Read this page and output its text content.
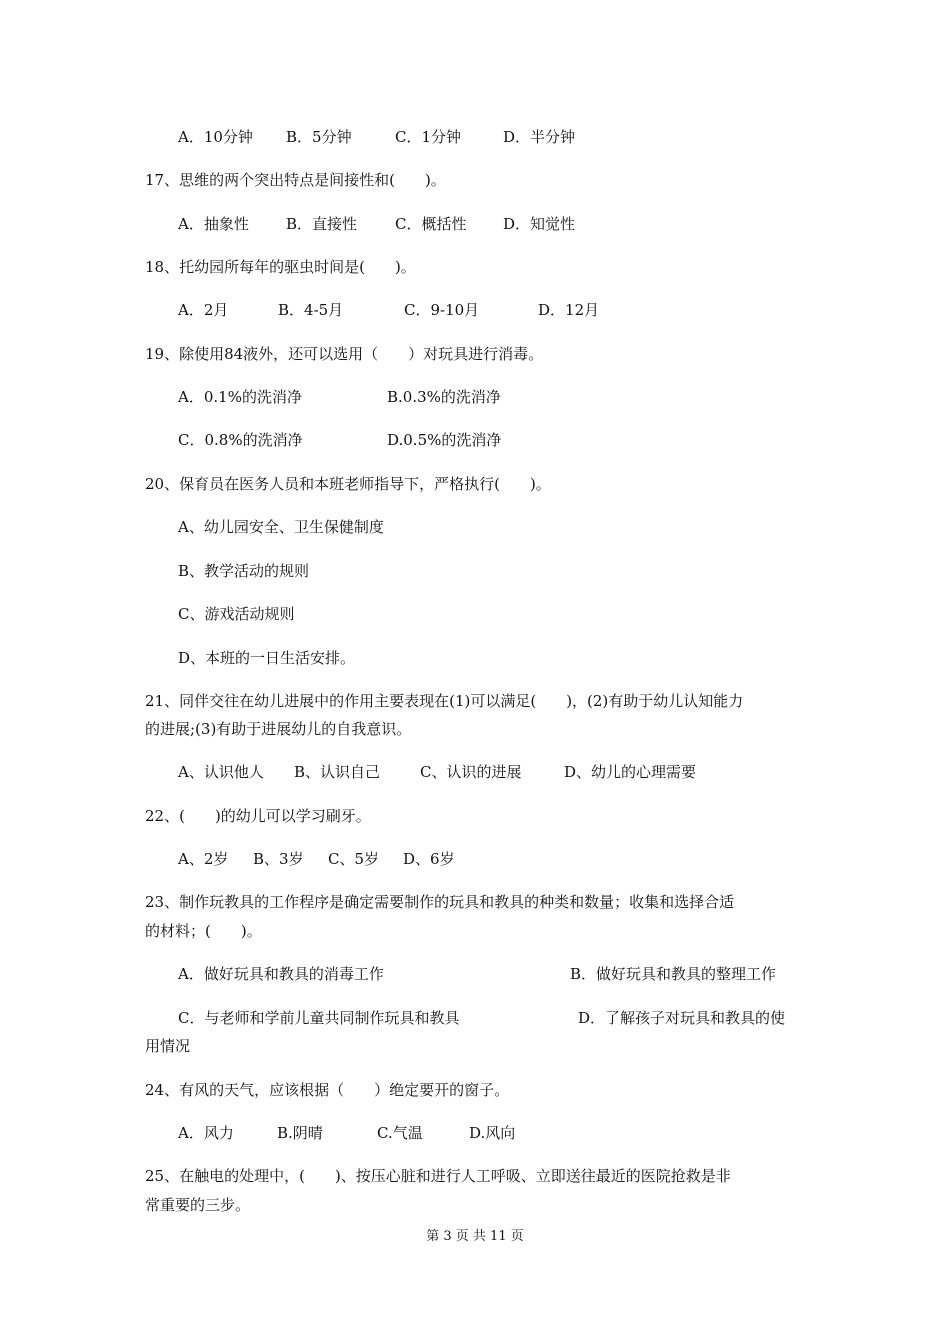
A．10分钟 B．5分钟	C．1分钟	D．半分钟
17、思维的两个突出特点是间接性和(　　)。
A．抽象性 B．直接性	C．概括性 D．知觉性
18、托幼园所每年的驱虫时间是(　　)。
A．2月	B．4-5月	C．9-10月	D．12月
19、除使用84液外，还可以选用（　　）对玩具进行消毒。
A．0.1%的洗消净	B.0.3%的洗消净
C．0.8%的洗消净	D.0.5%的洗消净
20、保育员在医务人员和本班老师指导下，严格执行(　　)。
A、幼儿园安全、卫生保健制度
B、教学活动的规则
C、游戏活动规则
D、本班的一日生活安排。
21、同伴交往在幼儿进展中的作用主要表现在(1)可以满足(　　)，(2)有助于幼儿认知能力
的进展;(3)有助于进展幼儿的自我意识。
A、认识他人 B、认识自己	C、认识的进展	D、幼儿的心理需要
22、(　　)的幼儿可以学习刷牙。
A、2岁 B、3岁 C、5岁 D、6岁
23、制作玩教具的工作程序是确定需要制作的玩具和教具的种类和数量；收集和选择合适
的材料；(　　)。
A．做好玩具和教具的消毒工作	B．做好玩具和教具的整理工作
C．与老师和学前儿童共同制作玩具和教具	D．了解孩子对玩具和教具的使
用情况
24、有风的天气，应该根据（　　）绝定要开的窗子。
A．风力	B.阴晴	C.气温	D.风向
25、在触电的处理中，(　　)、按压心脏和进行人工呼吸、立即送往最近的医院抢救是非
常重要的三步。
第 3 页 共 11 页
